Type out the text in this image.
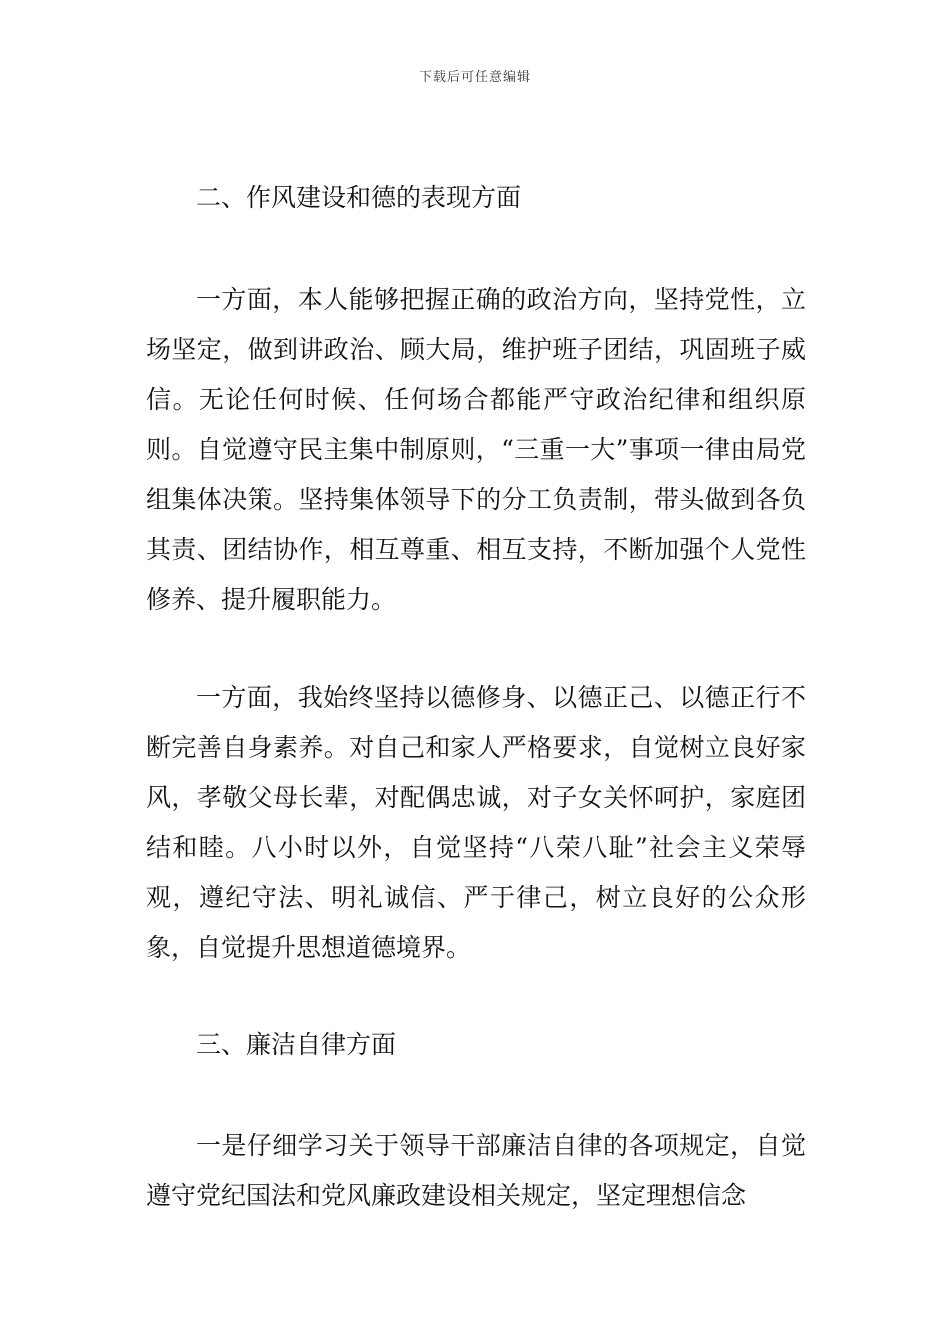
下载后可任意编辑
二、作风建设和德的表现方面
一方面，本人能够把握正确的政治方向，坚持党性，立场坚定，做到讲政治、顾大局，维护班子团结，巩固班子威信。无论任何时候、任何场合都能严守政治纪律和组织原则。自觉遵守民主集中制原则，“三重一大”事项一律由局党组集体决策。坚持集体领导下的分工负责制，带头做到各负其责、团结协作，相互尊重、相互支持，不断加强个人党性修养、提升履职能力。
一方面，我始终坚持以德修身、以德正己、以德正行不断完善自身素养。对自己和家人严格要求，自觉树立良好家风，孝敬父母长辈，对配偶忠诚，对子女关怀呵护，家庭团结和睦。八小时以外，自觉坚持“八荣八耻”社会主义荣辱观，遵纪守法、明礼诚信、严于律己，树立良好的公众形象，自觉提升思想道德境界。
三、廉洁自律方面
一是仔细学习关于领导干部廉洁自律的各项规定，自觉遵守党纪国法和党风廉政建设相关规定，坚定理想信念
